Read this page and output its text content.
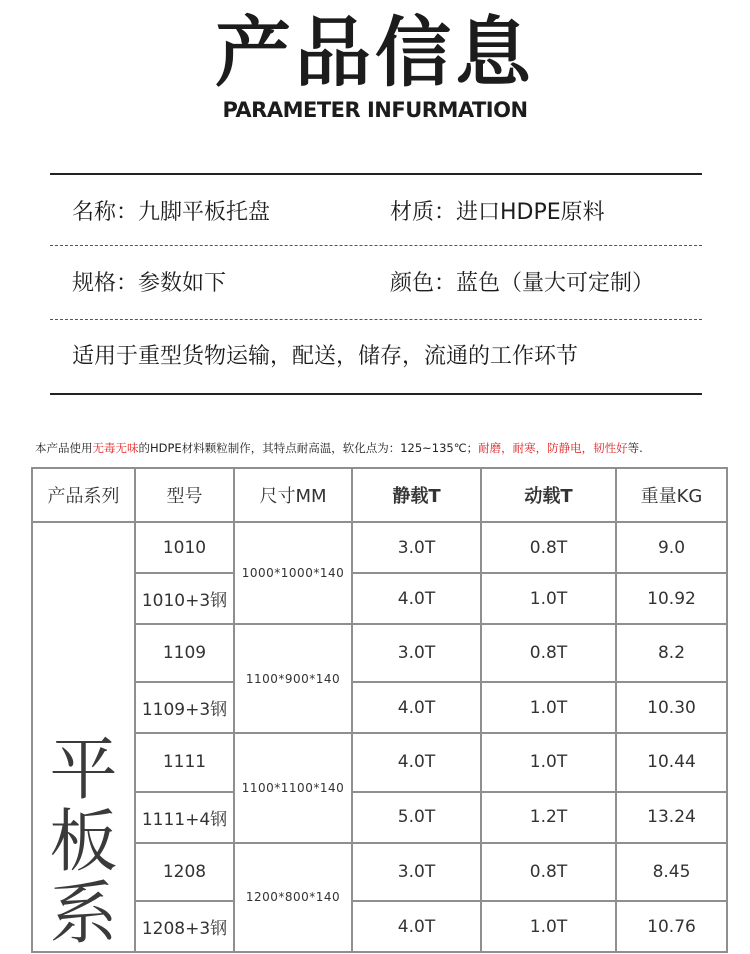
产品信息
PARAMETER INFURMATION
名称：九脚平板托盘	材质：进口HDPE原料
规格：参数如下	颜色：蓝色（量大可定制）
适用于重型货物运输，配送，储存，流通的工作环节
本产品使用无毒无味的HDPE材料颗粒制作，其特点耐高温，软化点为：125~135℃；耐磨，耐寒，防静电，韧性好等.
产品系列	型号	尺寸MM	静载T	动载T	重量KG

平
板
系	1010	1000*1000*140	3.0T	0.8T	9.0
	1010+3钢		4.0T	1.0T	10.92
	1109	1100*900*140	3.0T	0.8T	8.2
	1109+3钢		4.0T	1.0T	10.30
	1111	1100*1100*140	4.0T	1.0T	10.44
	1111+4钢		5.0T	1.2T	13.24
	1208	1200*800*140	3.0T	0.8T	8.45
	1208+3钢		4.0T	1.0T	10.76
